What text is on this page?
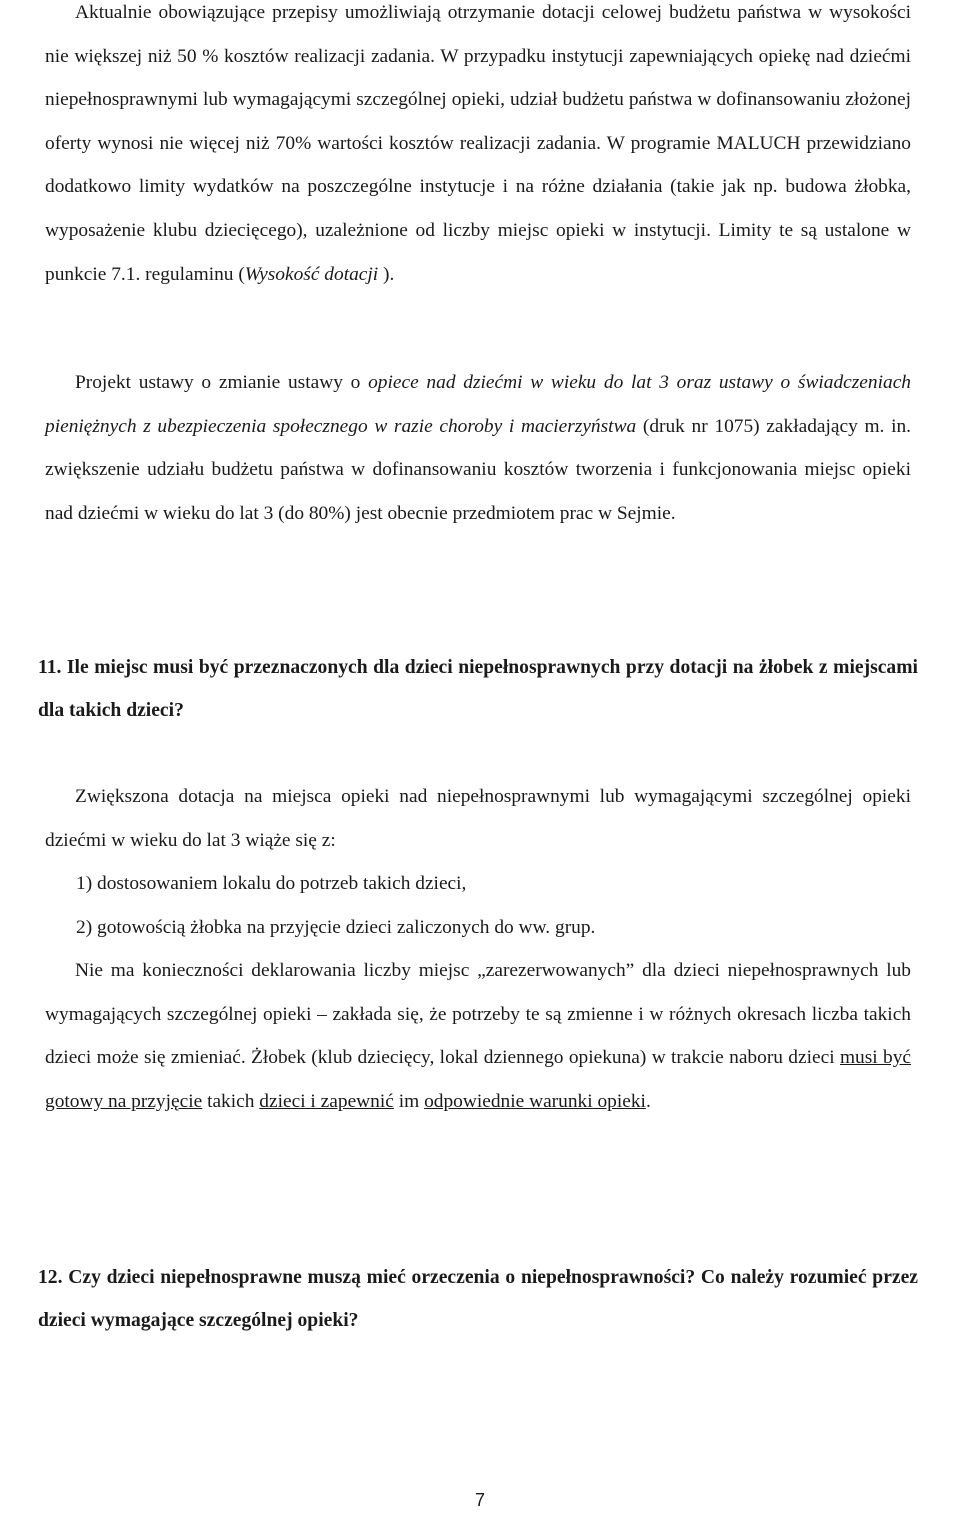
Aktualnie obowiązujące przepisy umożliwiają otrzymanie dotacji celowej budżetu państwa w wysokości nie większej niż 50 % kosztów realizacji zadania. W przypadku instytucji zapewniających opiekę nad dziećmi niepełnosprawnymi lub wymagającymi szczególnej opieki, udział budżetu państwa w dofinansowaniu złożonej oferty wynosi nie więcej niż 70% wartości kosztów realizacji zadania. W programie MALUCH przewidziano dodatkowo limity wydatków na poszczególne instytucje i na różne działania (takie jak np. budowa żłobka, wyposażenie klubu dziecięcego), uzależnione od liczby miejsc opieki w instytucji. Limity te są ustalone w punkcie 7.1. regulaminu (Wysokość dotacji ).

Projekt ustawy o zmianie ustawy o opiece nad dziećmi w wieku do lat 3 oraz ustawy o świadczeniach pieniężnych z ubezpieczenia społecznego w razie choroby i macierzyństwa (druk nr 1075) zakładający m. in. zwiększenie udziału budżetu państwa w dofinansowaniu kosztów tworzenia i funkcjonowania miejsc opieki nad dziećmi w wieku do lat 3 (do 80%) jest obecnie przedmiotem prac w Sejmie.

11. Ile miejsc musi być przeznaczonych dla dzieci niepełnosprawnych przy dotacji na żłobek z miejscami dla takich dzieci?

Zwiększona dotacja na miejsca opieki nad niepełnosprawnymi lub wymagającymi szczególnej opieki dziećmi w wieku do lat 3 wiąże się z:

1) dostosowaniem lokalu do potrzeb takich dzieci,

2) gotowością żłobka na przyjęcie dzieci zaliczonych do ww. grup.

Nie ma konieczności deklarowania liczby miejsc „zarezerwowanych” dla dzieci niepełnosprawnych lub wymagających szczególnej opieki – zakłada się, że potrzeby te są zmienne i w różnych okresach liczba takich dzieci może się zmieniać. Żłobek (klub dziecięcy, lokal dziennego opiekuna) w trakcie naboru dzieci musi być gotowy na przyjęcie takich dzieci i zapewnić im odpowiednie warunki opieki.

12. Czy dzieci niepełnosprawne muszą mieć orzeczenia o niepełnosprawności? Co należy rozumieć przez dzieci wymagające szczególnej opieki?

7
